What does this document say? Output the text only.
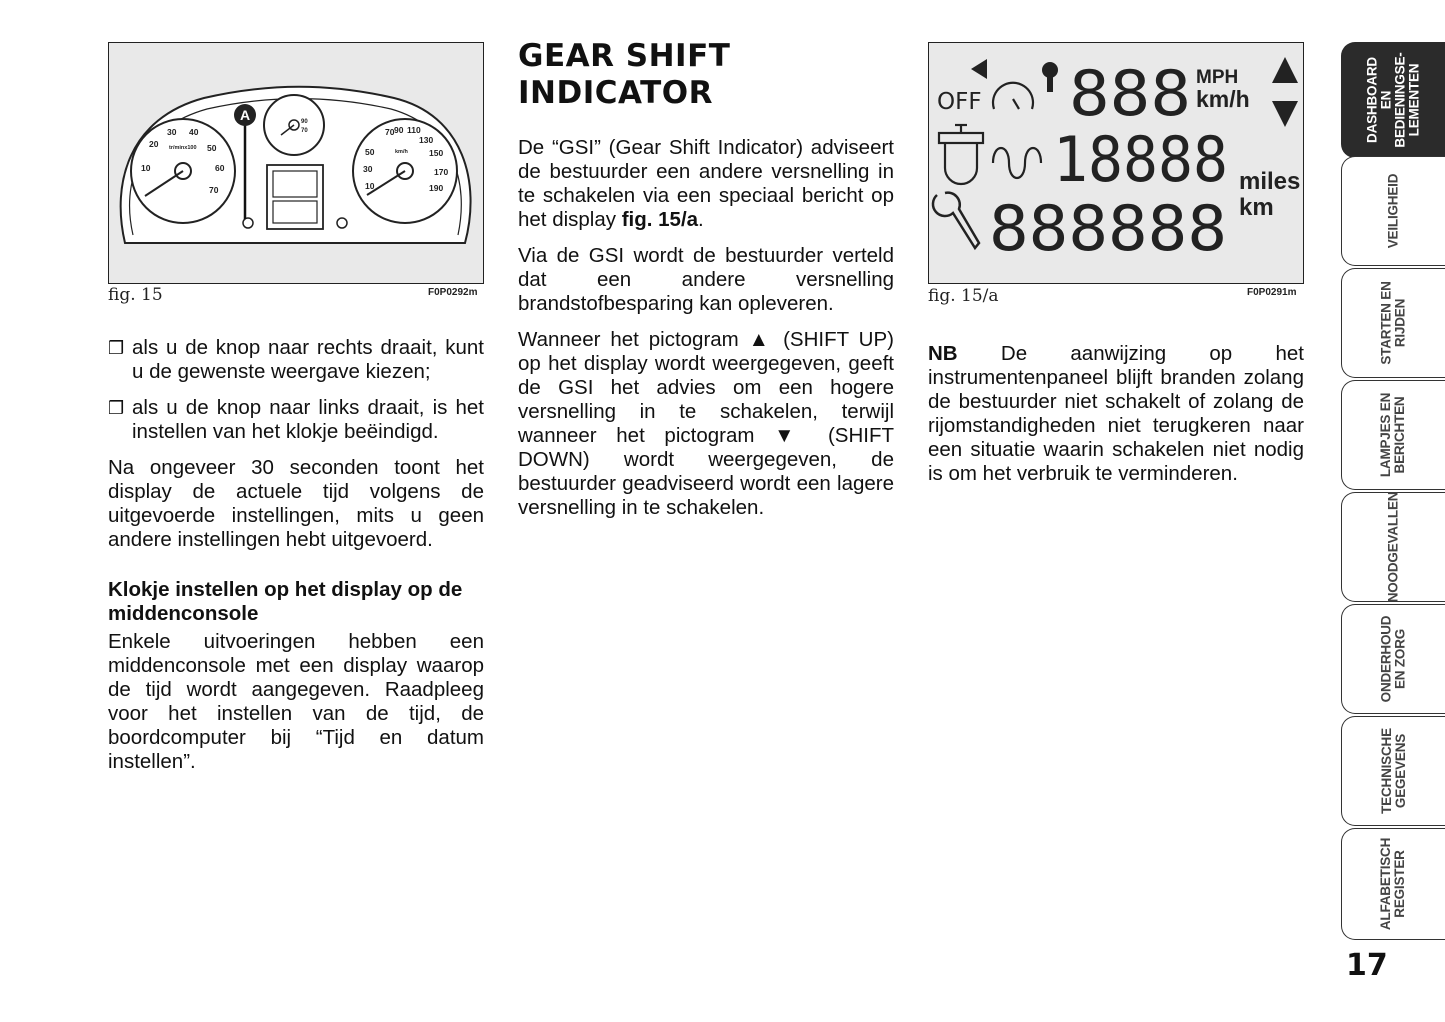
A
30 40
20	50
10	60
70
tr/minx100
70 90 110
130
50	150
km/h
30	170
10	190
90
70
fig. 15	F0P0292m
GEAR SHIFT
INDICATOR	OFF 888 MPH
km/h
18888 miles
888888 km
fig. 15/a	F0P0291m

❒ als u de knop naar rechts draait, kunt u de gewenste weergave kiezen;

❒ als u de knop naar links draait, is het instellen van het klokje beëindigd.

Na ongeveer 30 seconden toont het display de actuele tijd volgens de uitgevoerde instellingen, mits u geen andere instellingen hebt uitgevoerd.

Klokje instellen op het display op de middenconsole

Enkele uitvoeringen hebben een middenconsole met een display waarop de tijd wordt aangegeven. Raadpleeg voor het instellen van de tijd, de boordcomputer bij “Tijd en datum instellen”.

De “GSI” (Gear Shift Indicator) adviseert de bestuurder een andere versnelling in te schakelen via een speciaal bericht op het display fig. 15/a.

Via de GSI wordt de bestuurder verteld dat een andere versnelling brandstofbesparing kan opleveren.

Wanneer het pictogram ▲ (SHIFT UP) op het display wordt weergegeven, geeft de GSI het advies om een hogere versnelling in te schakelen, terwijl wanneer het pictogram ▼ (SHIFT DOWN) wordt weergegeven, de bestuurder geadviseerd wordt een lagere versnelling in te schakelen.

NB De aanwijzing op het instrumentenpaneel blijft branden zolang de bestuurder niet schakelt of zolang de rijomstandigheden niet terugkeren naar een situatie waarin schakelen niet nodig is om het verbruik te verminderen.

DASHBOARD EN
BEDIENINGSE-
LEMENTEN
VEILIGHEID
STARTEN EN
RIJDEN
LAMPJES EN
BERICHTEN
NOODGEVALLEN
ONDERHOUD
EN ZORG
TECHNISCHE
GEGEVENS
ALFABETISCH
REGISTER
17
